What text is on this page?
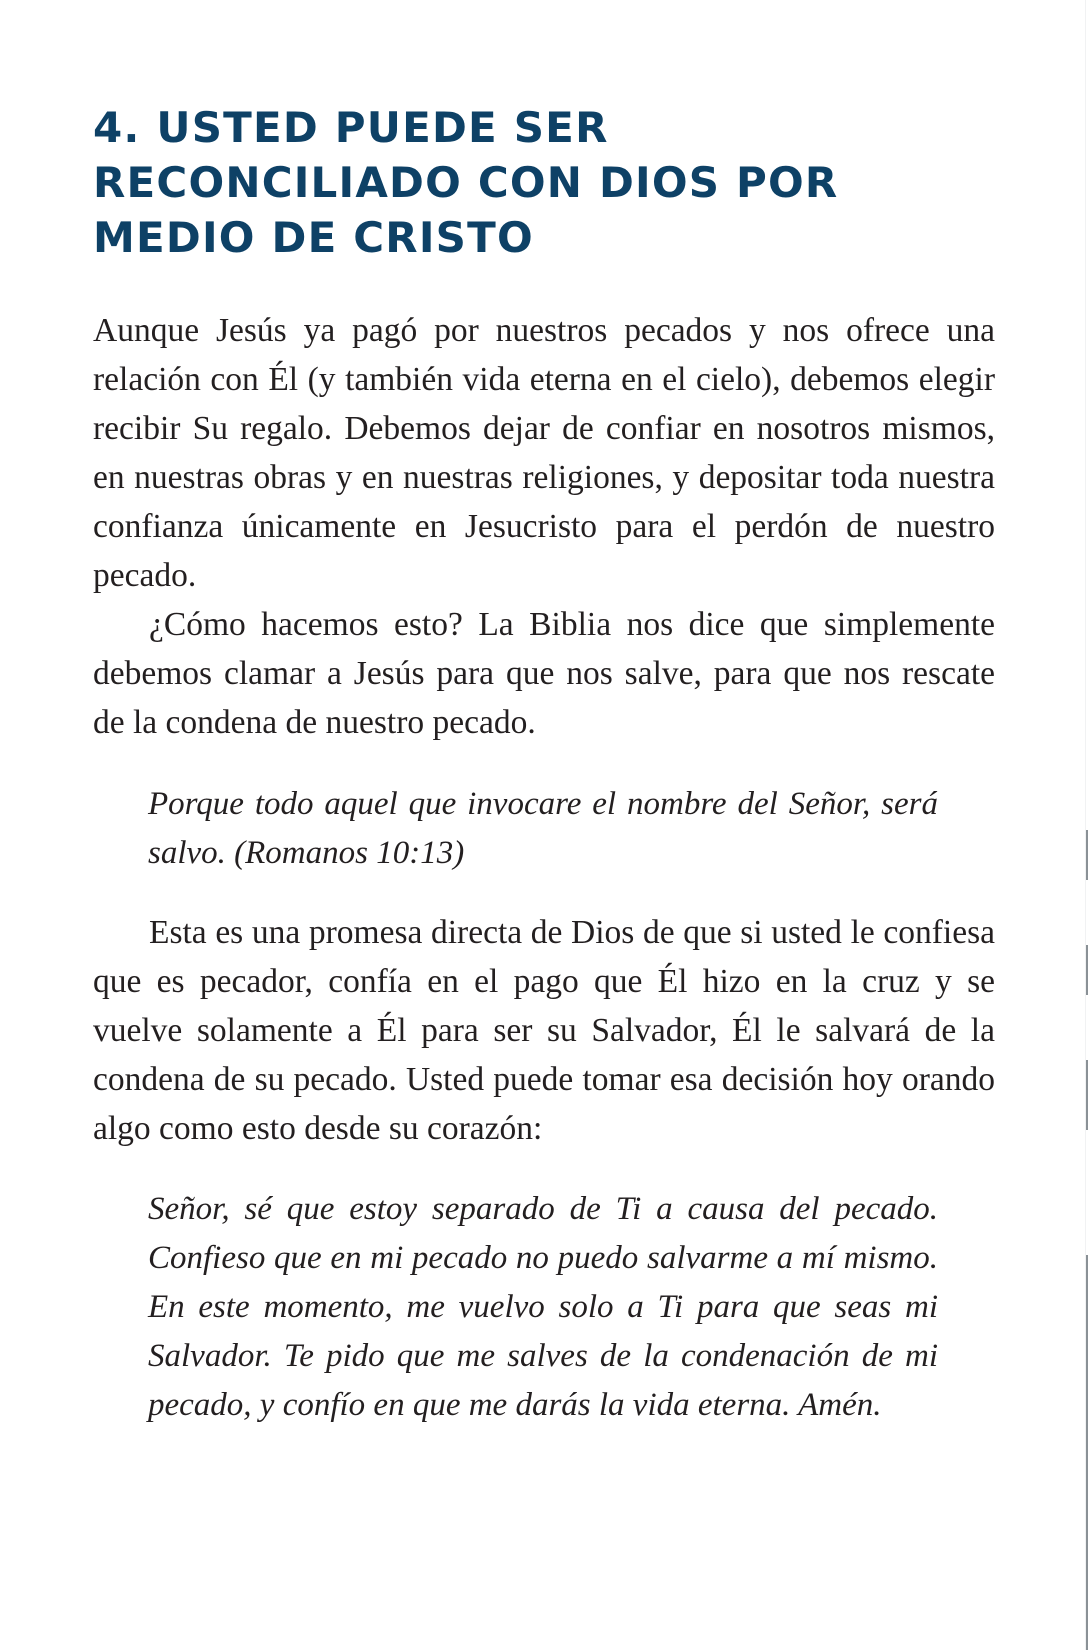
4. USTED PUEDE SER RECONCILIADO CON DIOS POR MEDIO DE CRISTO

Aunque Jesús ya pagó por nuestros pecados y nos ofrece una relación con Él (y también vida eterna en el cielo), debemos elegir recibir Su regalo. Debemos dejar de confiar en nosotros mismos, en nuestras obras y en nuestras religiones, y depositar toda nuestra confianza únicamente en Jesucristo para el perdón de nuestro pecado.

¿Cómo hacemos esto? La Biblia nos dice que simplemente debemos clamar a Jesús para que nos salve, para que nos rescate de la condena de nuestro pecado.

Porque todo aquel que invocare el nombre del Señor, será salvo. (Romanos 10:13)

Esta es una promesa directa de Dios de que si usted le confiesa que es pecador, confía en el pago que Él hizo en la cruz y se vuelve solamente a Él para ser su Salvador, Él le salvará de la condena de su pecado. Usted puede tomar esa decisión hoy orando algo como esto desde su corazón:

Señor, sé que estoy separado de Ti a causa del pecado. Confieso que en mi pecado no puedo salvarme a mí mismo. En este momento, me vuelvo solo a Ti para que seas mi Salvador. Te pido que me salves de la condenación de mi pecado, y confío en que me darás la vida eterna. Amén.
